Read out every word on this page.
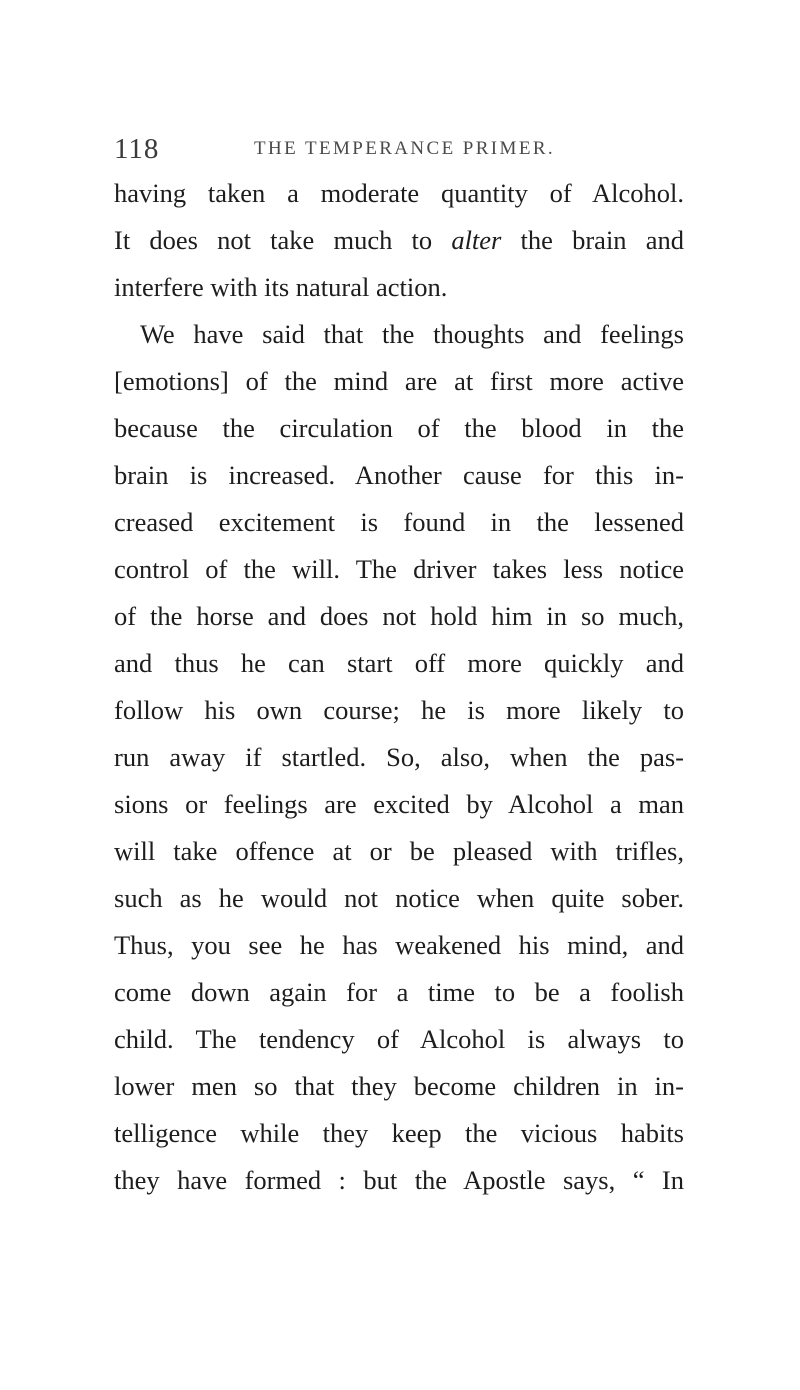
118	THE TEMPERANCE PRIMER.
having taken a moderate quantity of Alcohol.
It does not take much to alter the brain and
interfere with its natural action.
We have said that the thoughts and feelings
[emotions] of the mind are at first more active
because the circulation of the blood in the
brain is increased. Another cause for this in-
creased excitement is found in the lessened
control of the will. The driver takes less notice
of the horse and does not hold him in so much,
and thus he can start off more quickly and
follow his own course; he is more likely to
run away if startled. So, also, when the pas-
sions or feelings are excited by Alcohol a man
will take offence at or be pleased with trifles,
such as he would not notice when quite sober.
Thus, you see he has weakened his mind, and
come down again for a time to be a foolish
child. The tendency of Alcohol is always to
lower men so that they become children in in-
telligence while they keep the vicious habits
they have formed : but the Apostle says, “ In
